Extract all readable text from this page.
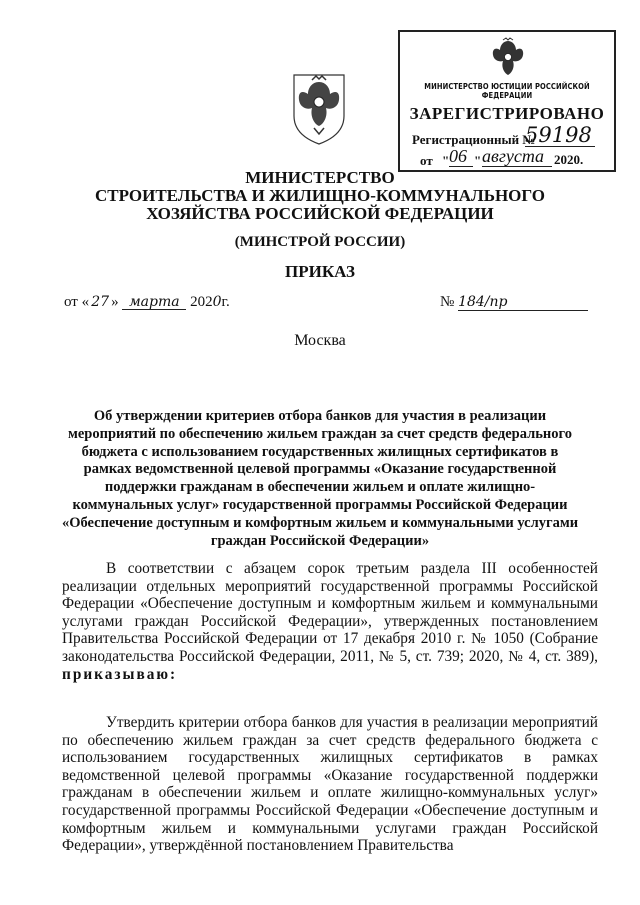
МИНИСТЕРСТВО ЮСТИЦИИ РОССИЙСКОЙ ФЕДЕРАЦИИ
ЗАРЕГИСТРИРОВАНО
Регистрационный №
59198
от " 06 " августа 2020.
МИНИСТЕРСТВО
СТРОИТЕЛЬСТВА И ЖИЛИЩНО-КОММУНАЛЬНОГО
ХОЗЯЙСТВА РОССИЙСКОЙ ФЕДЕРАЦИИ
(МИНСТРОЙ РОССИИ)
ПРИКАЗ
от « 27 » марта 2020г.	№ 184/пр
Москва
Об утверждении критериев отбора банков для участия в реализации мероприятий по обеспечению жильем граждан за счет средств федерального бюджета с использованием государственных жилищных сертификатов в рамках ведомственной целевой программы «Оказание государственной поддержки гражданам в обеспечении жильем и оплате жилищно-коммунальных услуг» государственной программы Российской Федерации «Обеспечение доступным и комфортным жильем и коммунальными услугами граждан Российской Федерации»
В соответствии с абзацем сорок третьим раздела III особенностей реализации отдельных мероприятий государственной программы Российской Федерации «Обеспечение доступным и комфортным жильем и коммунальными услугами граждан Российской Федерации», утвержденных постановлением Правительства Российской Федерации от 17 декабря 2010 г. № 1050 (Собрание законодательства Российской Федерации, 2011, № 5, ст. 739; 2020, № 4, ст. 389), приказываю:
Утвердить критерии отбора банков для участия в реализации мероприятий по обеспечению жильем граждан за счет средств федерального бюджета с использованием государственных жилищных сертификатов в рамках ведомственной целевой программы «Оказание государственной поддержки гражданам в обеспечении жильем и оплате жилищно-коммунальных услуг» государственной программы Российской Федерации «Обеспечение доступным и комфортным жильем и коммунальными услугами граждан Российской Федерации», утверждённой постановлением Правительства
